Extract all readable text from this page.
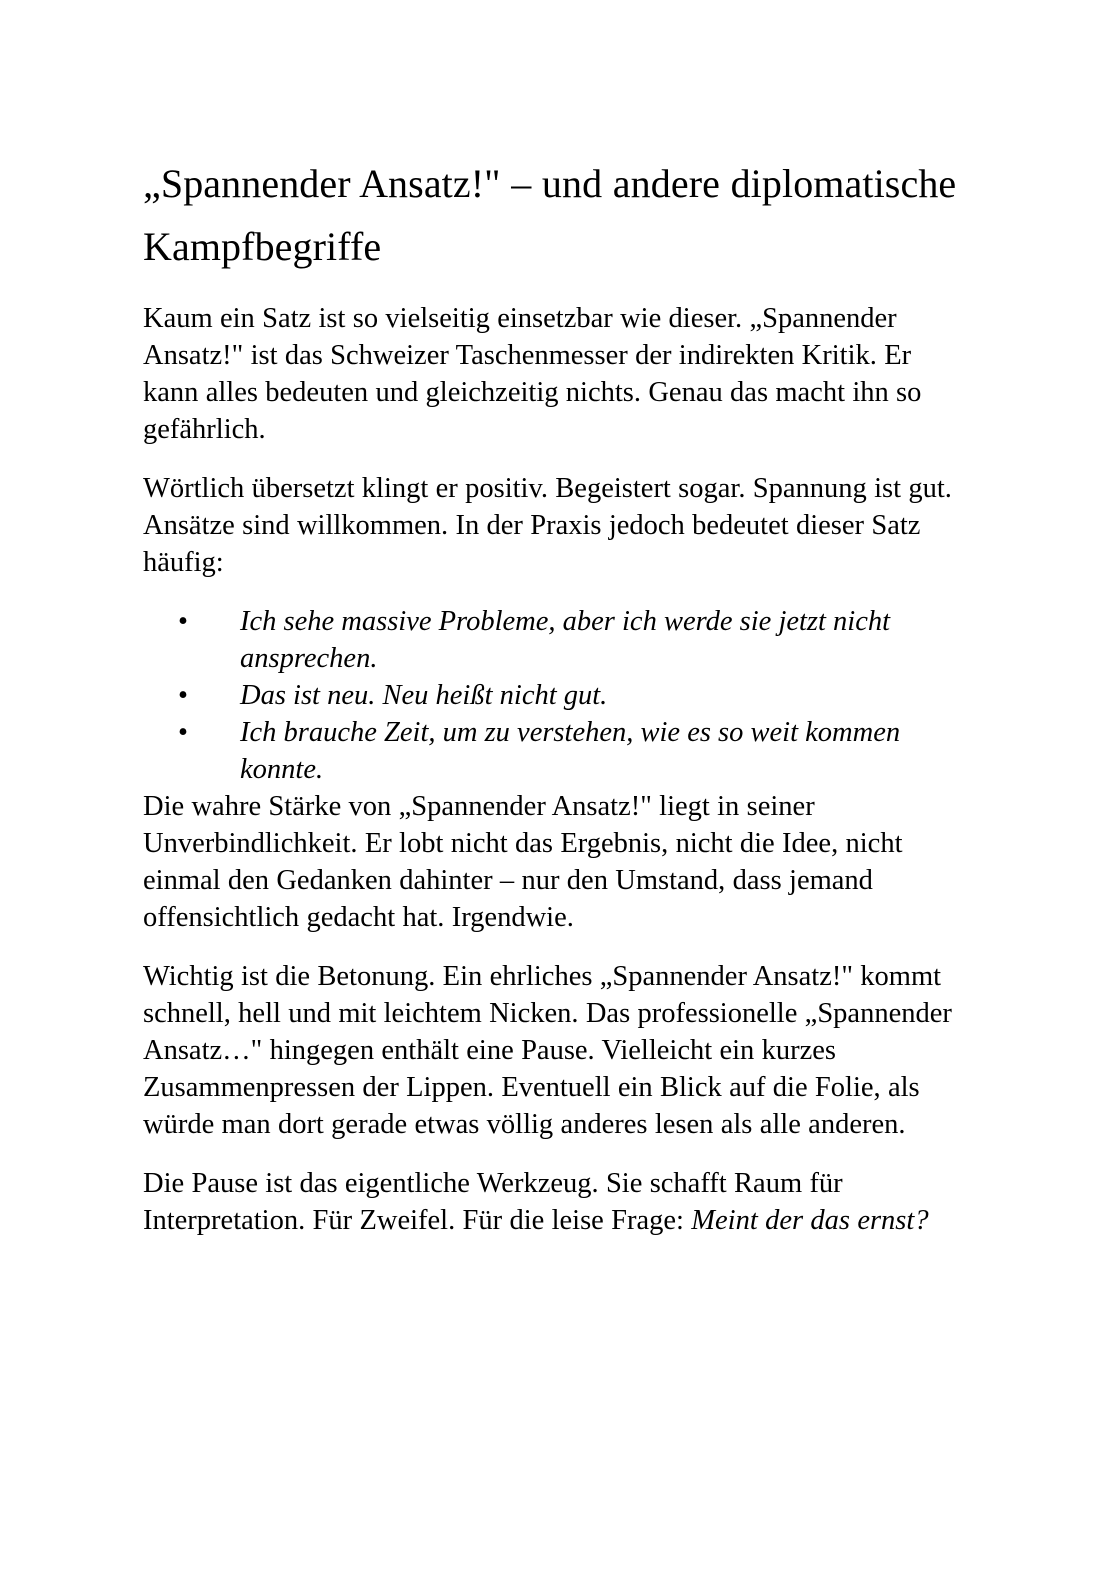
„Spannender Ansatz!" – und andere diplomatische Kampfbegriffe

Kaum ein Satz ist so vielseitig einsetzbar wie dieser. „Spannender Ansatz!" ist das Schweizer Taschenmesser der indirekten Kritik. Er kann alles bedeuten und gleichzeitig nichts. Genau das macht ihn so gefährlich.

Wörtlich übersetzt klingt er positiv. Begeistert sogar. Spannung ist gut. Ansätze sind willkommen. In der Praxis jedoch bedeutet dieser Satz häufig:

• Ich sehe massive Probleme, aber ich werde sie jetzt nicht ansprechen.
• Das ist neu. Neu heißt nicht gut.
• Ich brauche Zeit, um zu verstehen, wie es so weit kommen konnte.

Die wahre Stärke von „Spannender Ansatz!" liegt in seiner Unverbindlichkeit. Er lobt nicht das Ergebnis, nicht die Idee, nicht einmal den Gedanken dahinter – nur den Umstand, dass jemand offensichtlich gedacht hat. Irgendwie.

Wichtig ist die Betonung. Ein ehrliches „Spannender Ansatz!" kommt schnell, hell und mit leichtem Nicken. Das professionelle „Spannender Ansatz…" hingegen enthält eine Pause. Vielleicht ein kurzes Zusammenpressen der Lippen. Eventuell ein Blick auf die Folie, als würde man dort gerade etwas völlig anderes lesen als alle anderen.

Die Pause ist das eigentliche Werkzeug. Sie schafft Raum für Interpretation. Für Zweifel. Für die leise Frage: Meint der das ernst?
